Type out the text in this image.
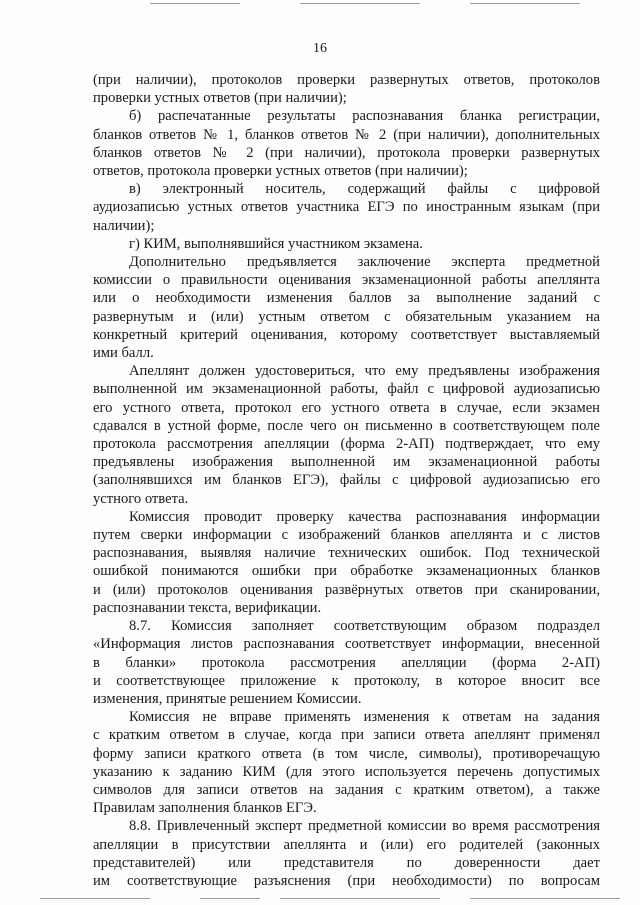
16

(при наличии), протоколов проверки развернутых ответов, протоколов

проверки устных ответов (при наличии);

б) распечатанные результаты распознавания бланка регистрации,

бланков ответов № 1, бланков ответов № 2 (при наличии), дополнительных

бланков ответов № 2 (при наличии), протокола проверки развернутых

ответов, протокола проверки устных ответов (при наличии);

в) электронный носитель, содержащий файлы с цифровой

аудиозаписью устных ответов участника ЕГЭ по иностранным языкам (при

наличии);

г) КИМ, выполнявшийся участником экзамена.

Дополнительно предъявляется заключение эксперта предметной

комиссии о правильности оценивания экзаменационной работы апеллянта

или о необходимости изменения баллов за выполнение заданий с

развернутым и (или) устным ответом с обязательным указанием на

конкретный критерий оценивания, которому соответствует выставляемый

ими балл.

Апеллянт должен удостовериться, что ему предъявлены изображения

выполненной им экзаменационной работы, файл с цифровой аудиозаписью

его устного ответа, протокол его устного ответа в случае, если экзамен

сдавался в устной форме, после чего он письменно в соответствующем поле

протокола рассмотрения апелляции (форма 2-АП) подтверждает, что ему

предъявлены изображения выполненной им экзаменационной работы

(заполнявшихся им бланков ЕГЭ), файлы с цифровой аудиозаписью его

устного ответа.

Комиссия проводит проверку качества распознавания информации

путем сверки информации с изображений бланков апеллянта и с листов

распознавания, выявляя наличие технических ошибок. Под технической

ошибкой понимаются ошибки при обработке экзаменационных бланков

и (или) протоколов оценивания развёрнутых ответов при сканировании,

распознавании текста, верификации.

8.7. Комиссия заполняет соответствующим образом подраздел

«Информация листов распознавания соответствует информации, внесенной

в бланки» протокола рассмотрения апелляции (форма 2-АП)

и соответствующее приложение к протоколу, в которое вносит все

изменения, принятые решением Комиссии.

Комиссия не вправе применять изменения к ответам на задания

с кратким ответом в случае, когда при записи ответа апеллянт применял

форму записи краткого ответа (в том числе, символы), противоречащую

указанию к заданию КИМ (для этого используется перечень допустимых

символов для записи ответов на задания с кратким ответом), а также

Правилам заполнения бланков ЕГЭ.

8.8. Привлеченный эксперт предметной комиссии во время рассмотрения

апелляции в присутствии апеллянта и (или) его родителей (законных

представителей) или представителя по доверенности дает

им соответствующие разъяснения (при необходимости) по вопросам
